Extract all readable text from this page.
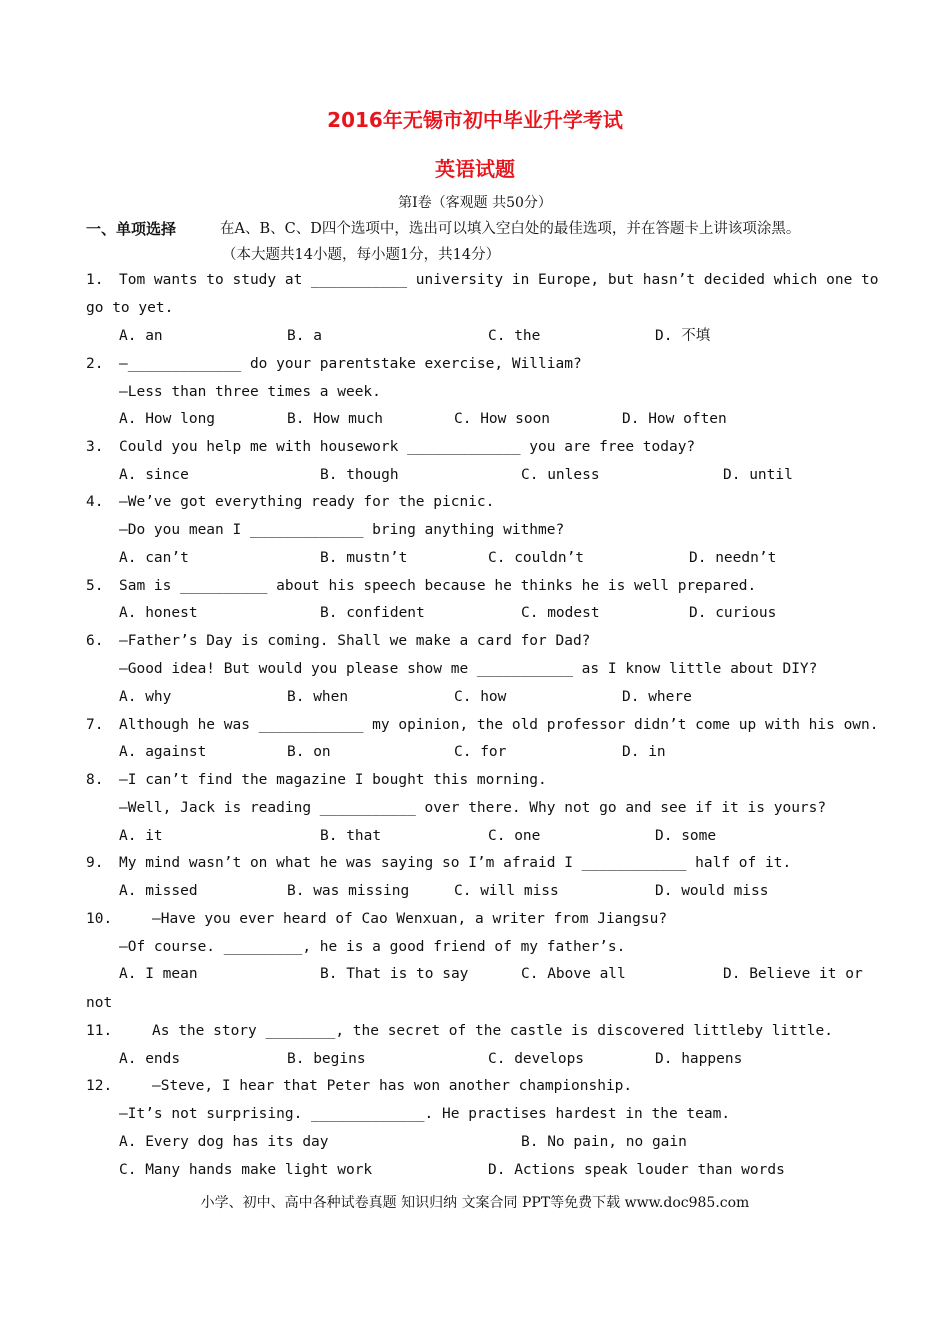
2016年无锡市初中毕业升学考试
英语试题
第Ⅰ卷（客观题 共50分）
一、单项选择	在A、B、C、D四个选项中，选出可以填入空白处的最佳选项，并在答题卡上讲该项涂黑。
（本大题共14小题，每小题1分，共14分）
1. Tom wants to study at ___________ university in Europe, but hasn’t decided which one to
go to yet.
A. an	B. a	C. the	D. 不填
2. —_____________ do your parentstake exercise, William?
—Less than three times a week.
A. How long	B. How much	C. How soon	D. How often
3. Could you help me with housework _____________ you are free today?
A. since	B. though	C. unless	D. until
4. —We’ve got everything ready for the picnic.
—Do you mean I _____________ bring anything withme?
A. can’t	B. mustn’t	C. couldn’t	D. needn’t
5. Sam is __________ about his speech because he thinks he is well prepared.
A. honest	B. confident	C. modest	D. curious
6. —Father’s Day is coming. Shall we make a card for Dad?
—Good idea! But would you please show me ___________ as I know little about DIY?
A. why	B. when	C. how	D. where
7. Although he was ____________ my opinion, the old professor didn’t come up with his own.
A. against	B. on	C. for	D. in
8. —I can’t find the magazine I bought this morning.
—Well, Jack is reading ___________ over there. Why not go and see if it is yours?
A. it	B. that	C. one	D. some
9. My mind wasn’t on what he was saying so I’m afraid I ____________ half of it.
A. missed	B. was missing	C. will miss	D. would miss
10.	—Have you ever heard of Cao Wenxuan, a writer from Jiangsu?
—Of course. _________, he is a good friend of my father’s.
A. I mean	B. That is to say	C. Above all	D. Believe it or
not
11.	As the story ________, the secret of the castle is discovered littleby little.
A. ends	B. begins	C. develops	D. happens
12.	—Steve, I hear that Peter has won another championship.
—It’s not surprising. _____________. He practises hardest in the team.
A. Every dog has its day	B. No pain, no gain
C. Many hands make light work	D. Actions speak louder than words
小学、初中、高中各种试卷真题 知识归纳 文案合同 PPT等免费下载 www.doc985.com
